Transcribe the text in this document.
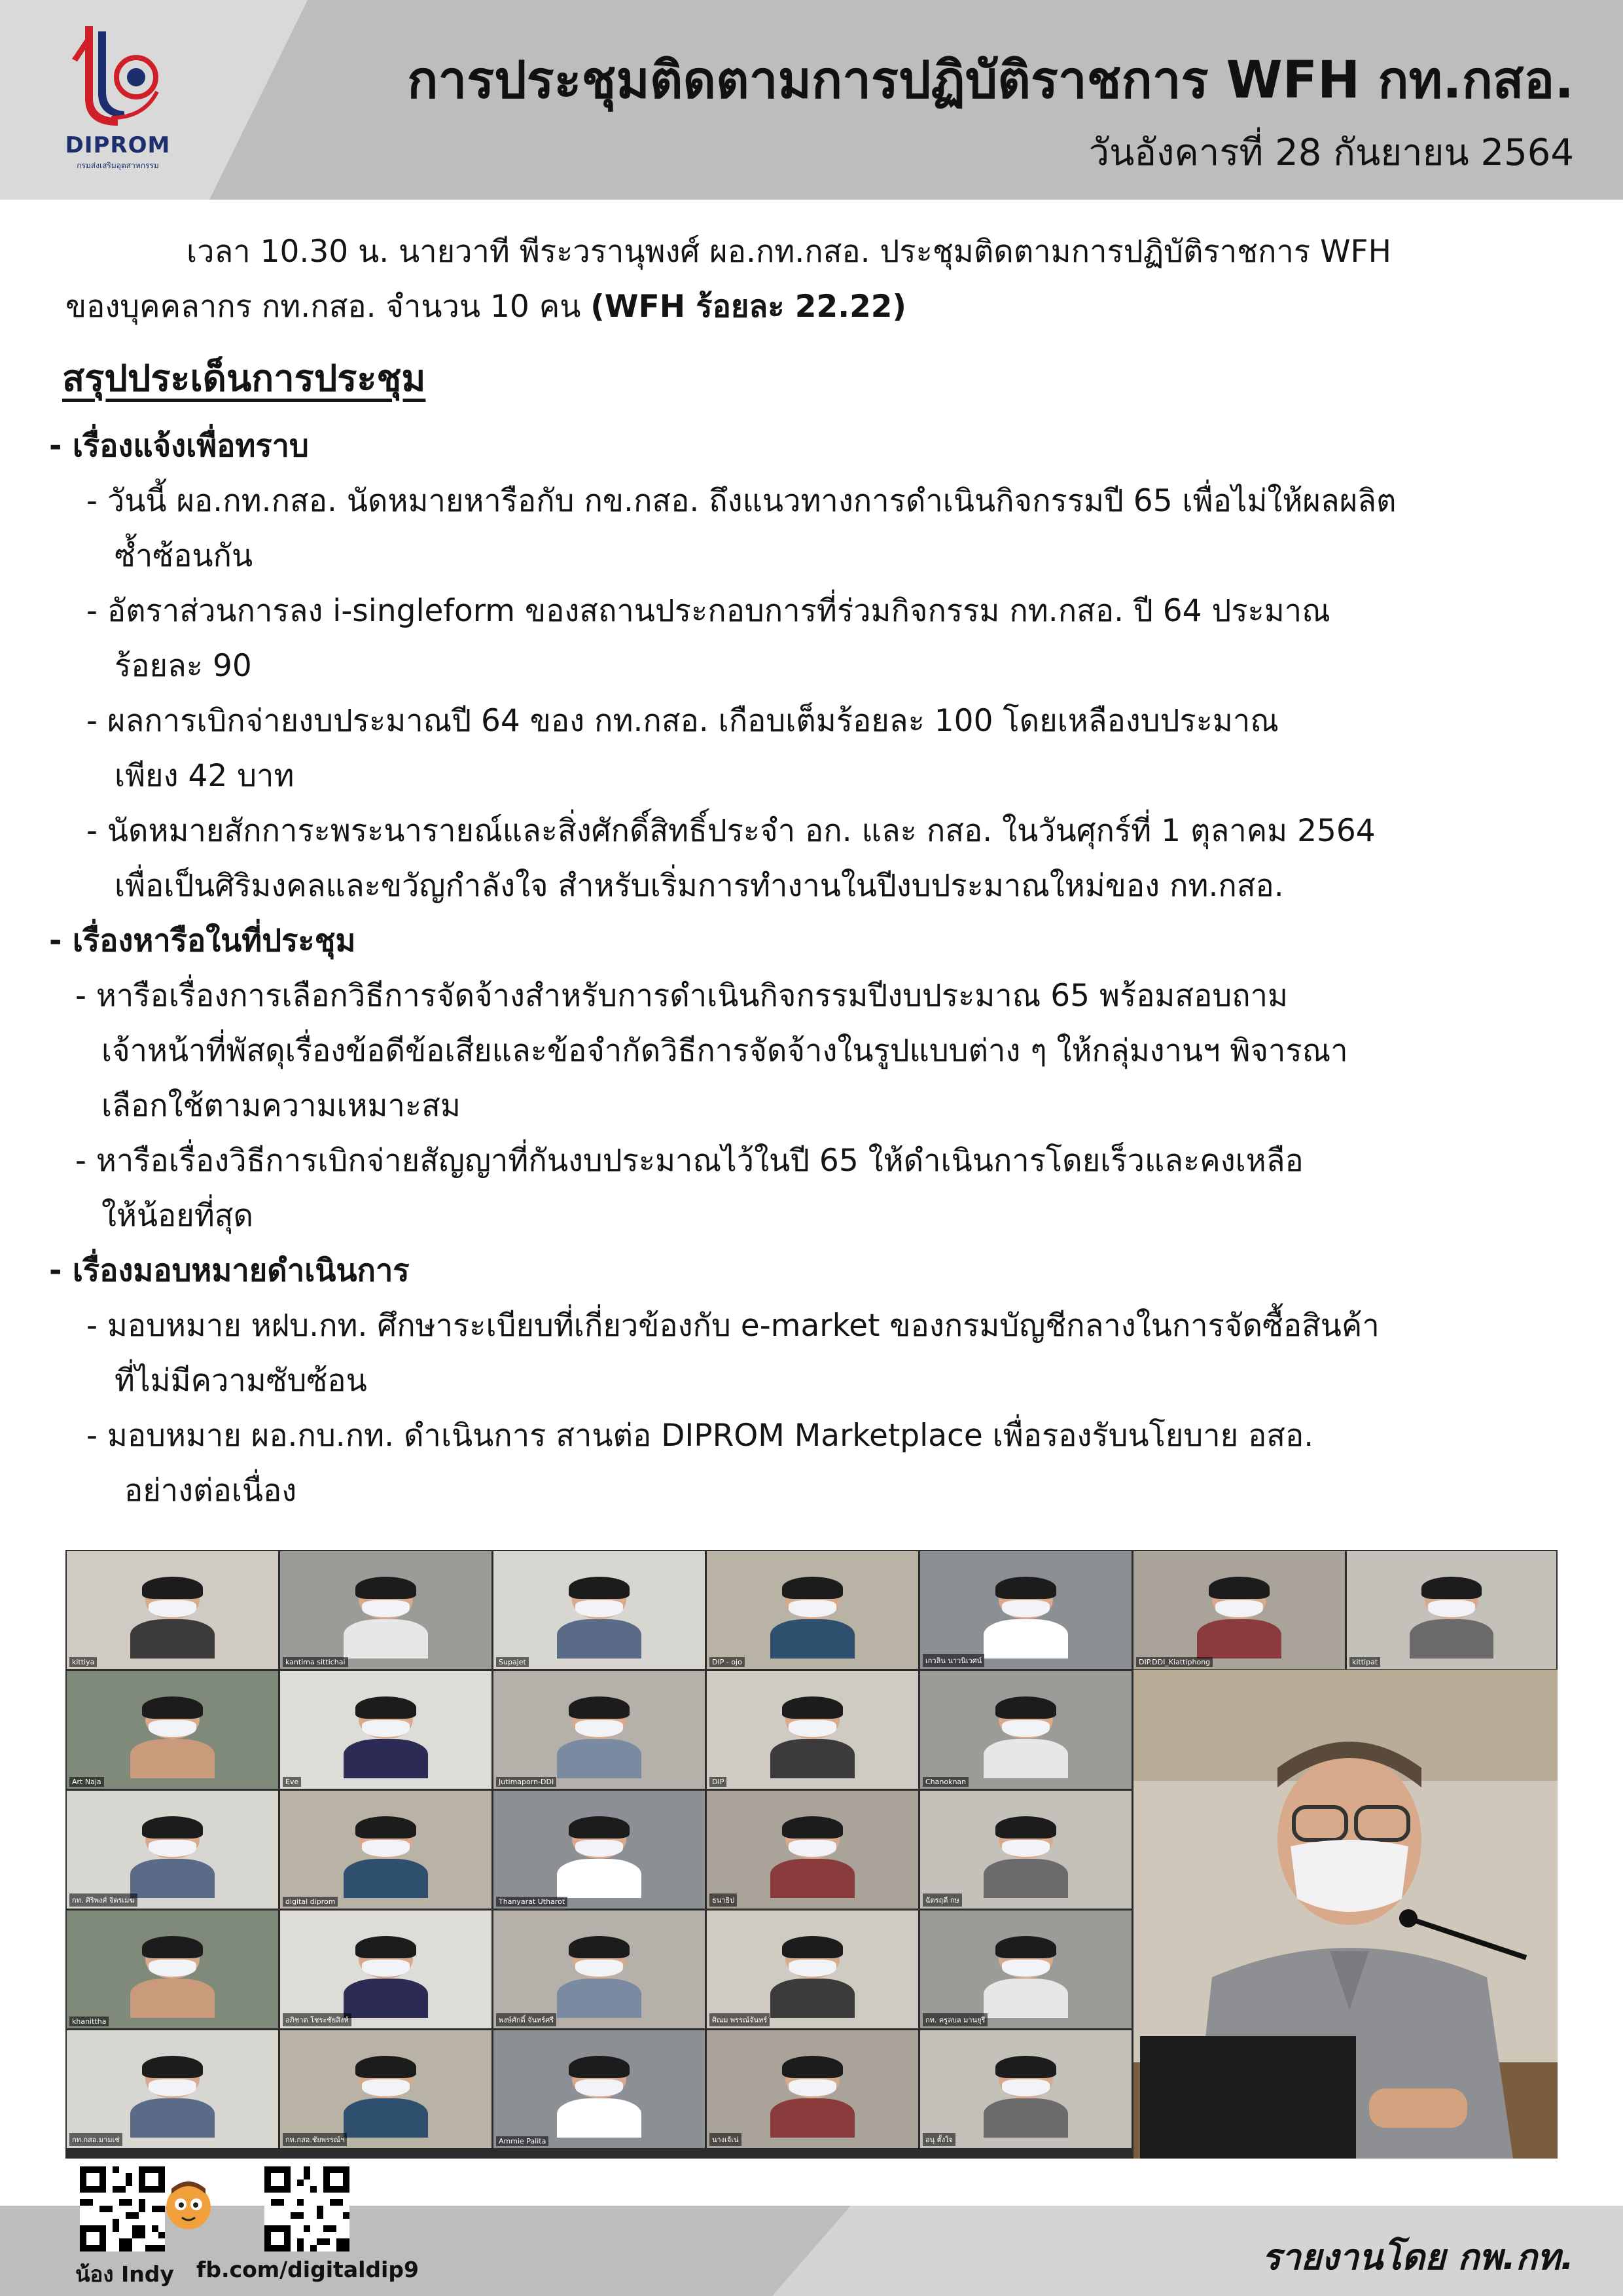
DIPROM
กรมส่งเสริมอุตสาหกรรม
การประชุมติดตามการปฏิบัติราชการ WFH กท.กสอ.
วันอังคารที่ 28 กันยายน 2564
เวลา 10.30 น. นายวาที พีระวรานุพงศ์ ผอ.กท.กสอ. ประชุมติดตามการปฏิบัติราชการ WFH
ของบุคคลากร กท.กสอ. จำนวน 10 คน (WFH ร้อยละ 22.22)
สรุปประเด็นการประชุม
- เรื่องแจ้งเพื่อทราบ
- วันนี้ ผอ.กท.กสอ. นัดหมายหารือกับ กข.กสอ. ถึงแนวทางการดำเนินกิจกรรมปี 65 เพื่อไม่ให้ผลผลิต
ซ้ำซ้อนกัน
- อัตราส่วนการลง i-singleform ของสถานประกอบการที่ร่วมกิจกรรม กท.กสอ. ปี 64 ประมาณ
ร้อยละ 90
- ผลการเบิกจ่ายงบประมาณปี 64 ของ กท.กสอ. เกือบเต็มร้อยละ 100 โดยเหลืองบประมาณ
เพียง 42 บาท
- นัดหมายสักการะพระนารายณ์และสิ่งศักดิ์สิทธิ์ประจำ อก. และ กสอ. ในวันศุกร์ที่ 1 ตุลาคม 2564
เพื่อเป็นศิริมงคลและขวัญกำลังใจ สำหรับเริ่มการทำงานในปีงบประมาณใหม่ของ กท.กสอ.
- เรื่องหารือในที่ประชุม
- หารือเรื่องการเลือกวิธีการจัดจ้างสำหรับการดำเนินกิจกรรมปีงบประมาณ 65 พร้อมสอบถาม
เจ้าหน้าที่พัสดุเรื่องข้อดีข้อเสียและข้อจำกัดวิธีการจัดจ้างในรูปแบบต่าง ๆ ให้กลุ่มงานฯ พิจารณา
เลือกใช้ตามความเหมาะสม
- หารือเรื่องวิธีการเบิกจ่ายสัญญาที่กันงบประมาณไว้ในปี 65 ให้ดำเนินการโดยเร็วและคงเหลือ
ให้น้อยที่สุด
- เรื่องมอบหมายดำเนินการ
- มอบหมาย หฝบ.กท. ศึกษาระเบียบที่เกี่ยวข้องกับ e-market ของกรมบัญชีกลางในการจัดซื้อสินค้า
ที่ไม่มีความซับซ้อน
- มอบหมาย ผอ.กบ.กท. ดำเนินการ สานต่อ DIPROM Marketplace เพื่อรองรับนโยบาย อสอ.
อย่างต่อเนื่อง
kittiya	kantima sittichai	Supajet	DIP - ojo	เกวลิน นาวนิเวศน์	DIP.DDI_Kiattiphong	kittipat
Art Naja	Eve	Jutimaporn-DDI	DIP	Chanoknan
กท. ศิริพงศ์ จิตรเมฆ	digital diprom	Thanyarat Utharot	ธนาธิป	ฉัตรฤดี กษ
khanittha	อภิชาต โชระชัยสิงห์	พงษ์ศักดิ์ จันทร์ศรี	ศิณม พรรณ์จันทร์	กท. ครูลบล มานยุรี
กท.กสอ.มามเช่	กท.กสอ.ชัยพรรณ์ฯ	Ammie Palita	นางเจ้เน่	อนุ ตั้งใจ
น้อง Indy fb.com/digitaldip9	รายงานโดย กพ.กท.
